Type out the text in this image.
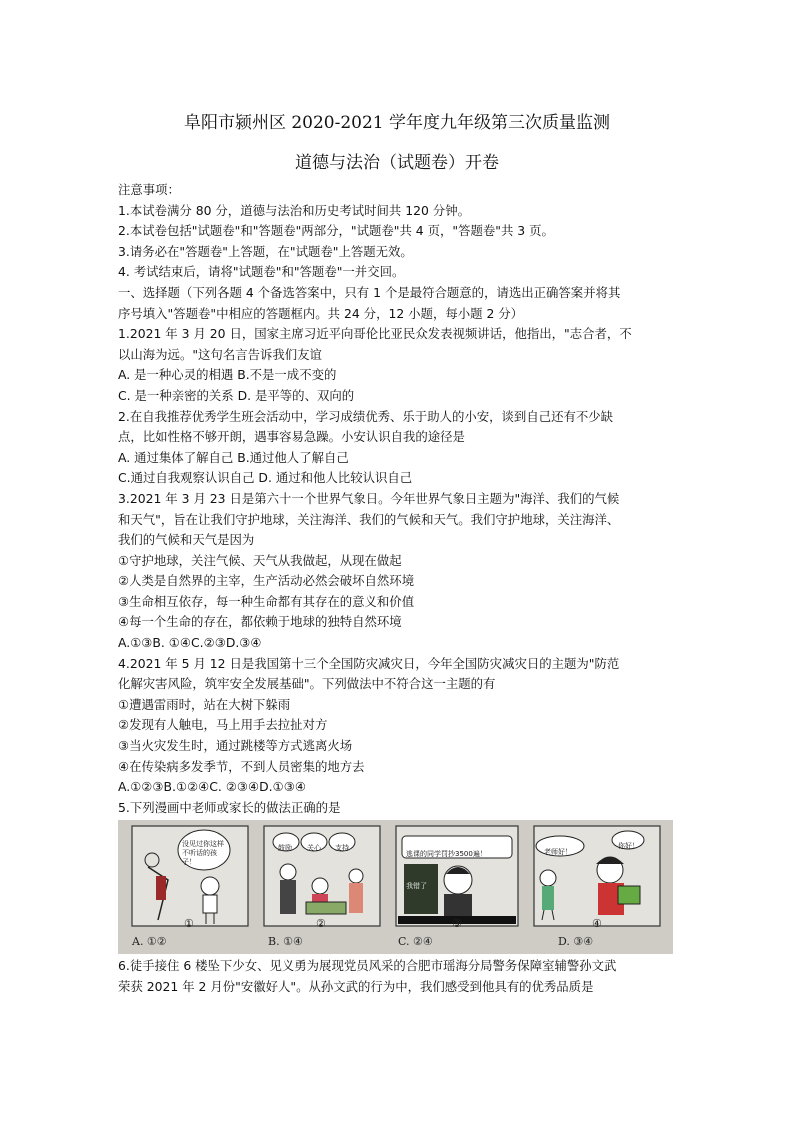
阜阳市颍州区 2020-2021 学年度九年级第三次质量监测
道德与法治（试题卷）开卷
注意事项：
1.本试卷满分 80 分，道德与法治和历史考试时间共 120 分钟。
2.本试卷包括"试题卷"和"答题卷"两部分，"试题卷"共 4 页，"答题卷"共 3 页。
3.请务必在"答题卷"上答题，在"试题卷"上答题无效。
4. 考试结束后，请将"试题卷"和"答题卷"一并交回。
一、选择题（下列各题 4 个备选答案中，只有 1 个是最符合题意的，请选出正确答案并将其
序号填入"答题卷"中相应的答题框内。共 24 分，12 小题，每小题 2 分）
1.2021 年 3 月 20 日，国家主席习近平向哥伦比亚民众发表视频讲话，他指出，"志合者，不
以山海为远。"这句名言告诉我们友谊
A. 是一种心灵的相遇 B.不是一成不变的
C. 是一种亲密的关系 D. 是平等的、双向的
2.在自我推荐优秀学生班会活动中，学习成绩优秀、乐于助人的小安，谈到自己还有不少缺
点，比如性格不够开朗，遇事容易急躁。小安认识自我的途径是
A. 通过集体了解自己 B.通过他人了解自己
C.通过自我观察认识自己 D. 通过和他人比较认识自己
3.2021 年 3 月 23 日是第六十一个世界气象日。今年世界气象日主题为"海洋、我们的气候
和天气"，旨在让我们守护地球，关注海洋、我们的气候和天气。我们守护地球，关注海洋、
我们的气候和天气是因为
①守护地球，关注气候、天气从我做起，从现在做起
②人类是自然界的主宰，生产活动必然会破坏自然环境
③生命相互依存，每一种生命都有其存在的意义和价值
④每一个生命的存在，都依赖于地球的独特自然环境
A.①③B. ①④C.②③D.③④
4.2021 年 5 月 12 日是我国第十三个全国防灾减灾日，今年全国防灾减灾日的主题为"防范
化解灾害风险，筑牢安全发展基础"。下列做法中不符合这一主题的有
①遭遇雷雨时，站在大树下躲雨
②发现有人触电，马上用手去拉扯对方
③当火灾发生时，通过跳楼等方式逃离火场
④在传染病多发季节，不到人员密集的地方去
A.①②③B.①②④C. ②③④D.①③④
5.下列漫画中老师或家长的做法正确的是
没见过你这样不听话的孩子！
鼓励 关心 支持
逃课的同学罚抄3500遍！	老师好！
你好！
我错了
①	②	③	④
A. ①②	B. ①④	C. ②④	D. ③④
6.徒手接住 6 楼坠下少女、见义勇为展现党员风采的合肥市瑶海分局警务保障室辅警孙文武
荣获 2021 年 2 月份"安徽好人"。从孙文武的行为中，我们感受到他具有的优秀品质是
